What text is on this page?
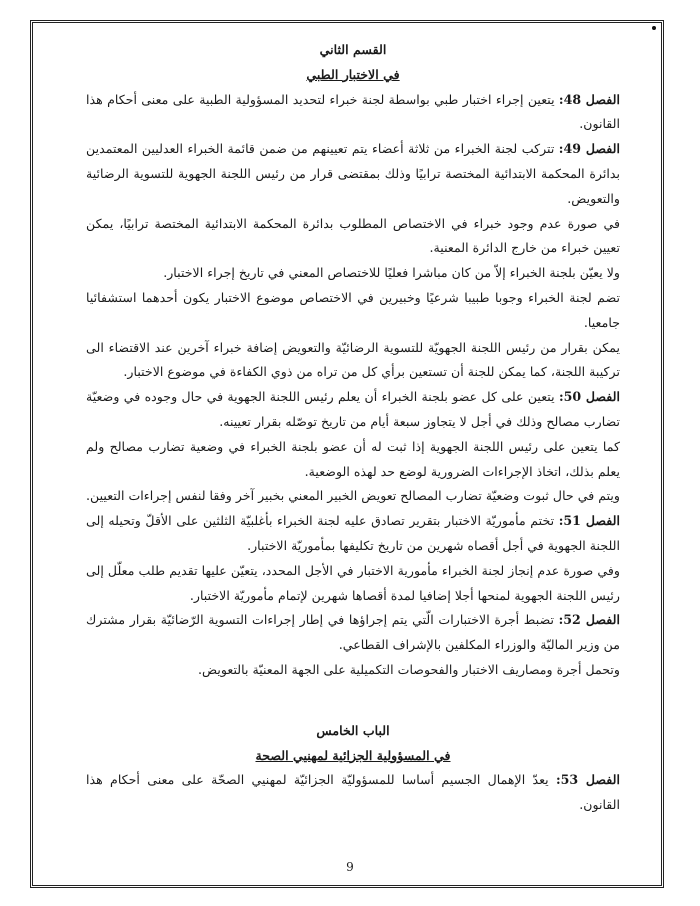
القسم الثاني

في الاختبار الطبي

الفصل 48: يتعين إجراء اختبار طبي بواسطة لجنة خبراء لتحديد المسؤولية الطبية على معنى أحكام هذا القانون.

الفصل 49: تتركب لجنة الخبراء من ثلاثة أعضاء يتم تعيينهم من ضمن قائمة الخبراء العدليين المعتمدين بدائرة المحكمة الابتدائية المختصة ترابيًا وذلك بمقتضى قرار من رئيس اللجنة الجهوية للتسوية الرضائية والتعويض.

في صورة عدم وجود خبراء في الاختصاص المطلوب بدائرة المحكمة الابتدائية المختصة ترابيًا، يمكن تعيين خبراء من خارج الدائرة المعنية.

ولا يعيّن بلجنة الخبراء إلاّ من كان مباشرا فعليًا للاختصاص المعني في تاريخ إجراء الاختبار.

تضم لجنة الخبراء وجوبا طبيبا شرعيًا وخبيرين في الاختصاص موضوع الاختبار يكون أحدهما استشفائيا جامعيا.

يمكن بقرار من رئيس اللجنة الجهويّة للتسوية الرضائيّة والتعويض إضافة خبراء آخرين عند الاقتضاء الى تركيبة اللجنة، كما يمكن للجنة أن تستعين برأي كل من تراه من ذوي الكفاءة في موضوع الاختبار.

الفصل 50: يتعين على كل عضو بلجنة الخبراء أن يعلم رئيس اللجنة الجهوية في حال وجوده في وضعيّة تضارب مصالح وذلك في أجل لا يتجاوز سبعة أيام من تاريخ توصّله بقرار تعيينه.

كما يتعين على رئيس اللجنة الجهوية إذا ثبت له أن عضو بلجنة الخبراء في وضعية تضارب مصالح ولم يعلم بذلك، اتخاذ الإجراءات الضرورية لوضع حد لهذه الوضعية.

ويتم في حال ثبوت وضعيّة تضارب المصالح تعويض الخبير المعني بخبير آخر وفقا لنفس إجراءات التعيين.

الفصل 51: تختم مأموريّة الاختبار بتقرير تصادق عليه لجنة الخبراء بأغلبيّة الثلثين على الأقلّ وتحيله إلى اللجنة الجهوية في أجل أقصاه شهرين من تاريخ تكليفها بمأموريّة الاختبار.

وفي صورة عدم إنجاز لجنة الخبراء مأمورية الاختبار في الأجل المحدد، يتعيّن عليها تقديم طلب معلّل إلى رئيس اللجنة الجهوية لمنحها أجلا إضافيا لمدة أقصاها شهرين لإتمام مأموريّة الاختبار.

الفصل 52: تضبط أجرة الاختبارات الّتي يتم إجراؤها في إطار إجراءات التسوية الرّضائيّة بقرار مشترك من وزير الماليّة والوزراء المكلفين بالإشراف القطاعي.

وتحمل أجرة ومصاريف الاختبار والفحوصات التكميلية على الجهة المعنيّة بالتعويض.

الباب الخامس

في المسؤولية الجزائية لمهنيي الصحة

الفصل 53: يعدّ الإهمال الجسيم أساسا للمسؤوليّة الجزائيّة لمهنيي الصحّة على معنى أحكام هذا القانون.

9
